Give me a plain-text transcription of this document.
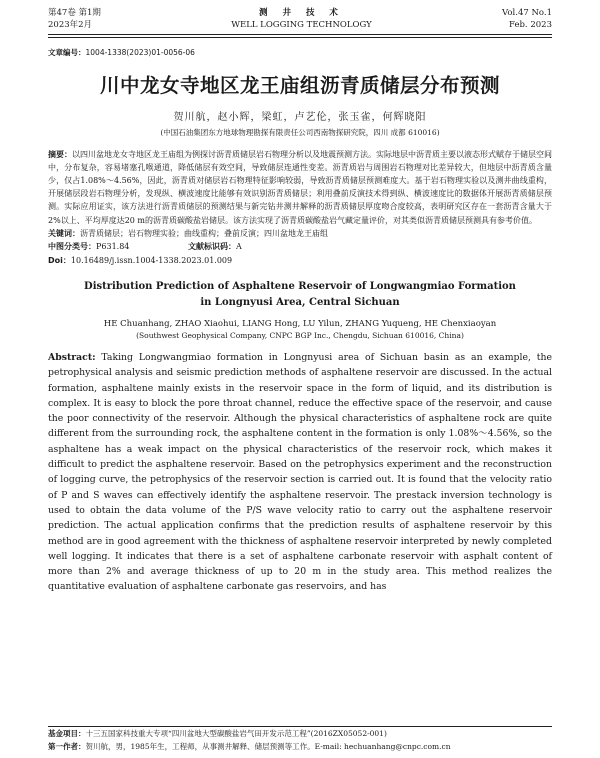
第47卷 第1期
2023年2月
测 井 技 术
WELL LOGGING TECHNOLOGY
Vol.47 No.1
Feb. 2023
文章编号：1004-1338(2023)01-0056-06
川中龙女寺地区龙王庙组沥青质储层分布预测
贺川航，赵小辉，梁虹，卢艺伦，张玉雀，何辉晓阳
(中国石油集团东方地球物理勘探有限责任公司西南物探研究院，四川 成都 610016)
摘要：以四川盆地龙女寺地区龙王庙组为例探讨沥青质储层岩石物理分析以及地震预测方法。实际地层中沥青质主要以液态形式赋存于储层空间中，分布复杂，容易堵塞孔喉通道，降低储层有效空间，导致储层连通性变差。沥青质岩与周围岩石物理对比差异较大，但地层中沥青质含量少，仅占1.08%～4.56%，因此，沥青质对储层岩石物理特征影响较弱，导致沥青质储层预测难度大。基于岩石物理实验以及测井曲线重构，开展储层段岩石物理分析，发现纵、横波速度比能够有效识别沥青质储层；利用叠前反演技术得到纵、横波速度比的数据体开展沥青质储层预测。实际应用证实，该方法进行沥青质储层的预测结果与新完钻井测井解释的沥青质储层厚度吻合度较高，表明研究区存在一套沥青含量大于2%以上、平均厚度达20 m的沥青质碳酸盐岩储层。该方法实现了沥青质碳酸盐岩气藏定量评价，对其类似沥青质储层预测具有参考价值。
关键词：沥青质储层；岩石物理实验；曲线重构；叠前反演；四川盆地龙王庙组
中图分类号：P631.84	文献标识码：A
Doi：10.16489/j.issn.1004-1338.2023.01.009
Distribution Prediction of Asphaltene Reservoir of Longwangmiao Formation
in Longnyusi Area, Central Sichuan
HE Chuanhang, ZHAO Xiaohui, LIANG Hong, LU Yilun, ZHANG Yuqueng, HE Chenxiaoyan
(Southwest Geophysical Company, CNPC BGP Inc., Chengdu, Sichuan 610016, China)
Abstract: Taking Longwangmiao formation in Longnyusi area of Sichuan basin as an example, the petrophysical analysis and seismic prediction methods of asphaltene reservoir are discussed. In the actual formation, asphaltene mainly exists in the reservoir space in the form of liquid, and its distribution is complex. It is easy to block the pore throat channel, reduce the effective space of the reservoir, and cause the poor connectivity of the reservoir. Although the physical characteristics of asphaltene rock are quite different from the surrounding rock, the asphaltene content in the formation is only 1.08%～4.56%, so the asphaltene has a weak impact on the physical characteristics of the reservoir rock, which makes it difficult to predict the asphaltene reservoir. Based on the petrophysics experiment and the reconstruction of logging curve, the petrophysics of the reservoir section is carried out. It is found that the velocity ratio of P and S waves can effectively identify the asphaltene reservoir. The prestack inversion technology is used to obtain the data volume of the P/S wave velocity ratio to carry out the asphaltene reservoir prediction. The actual application confirms that the prediction results of asphaltene reservoir by this method are in good agreement with the thickness of asphaltene reservoir interpreted by newly completed well logging. It indicates that there is a set of asphaltene carbonate reservoir with asphalt content of more than 2% and average thickness of up to 20 m in the study area. This method realizes the quantitative evaluation of asphaltene carbonate gas reservoirs, and has
基金项目：十三五国家科技重大专项“四川盆地大型碳酸盐岩气田开发示范工程”(2016ZX05052-001)
第一作者：贺川航，男，1985年生，工程师，从事测井解释、储层预测等工作。E-mail: hechuanhang@cnpc.com.cn
